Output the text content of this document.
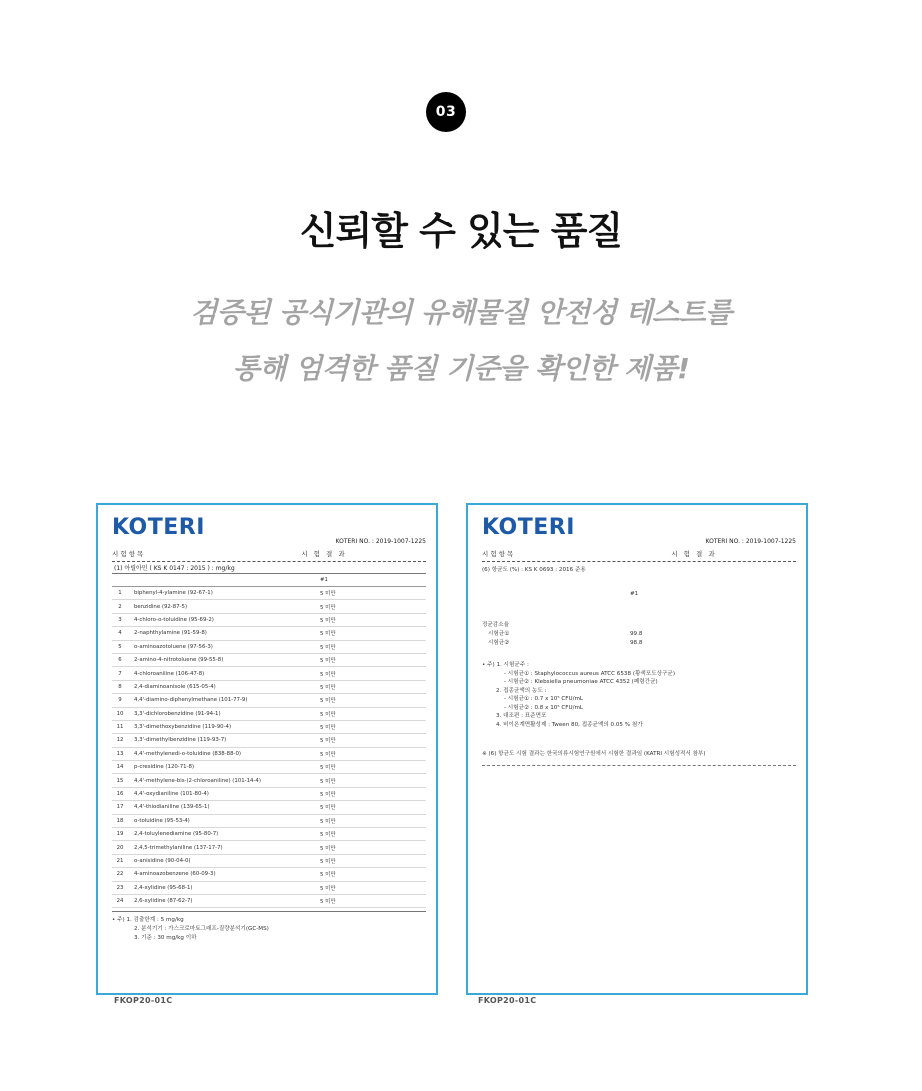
03
신뢰할 수 있는 품질
검증된 공식기관의 유해물질 안전성 테스트를
통해 엄격한 품질 기준을 확인한 제품!
KOTERI
KOTERI NO. : 2019-1007-1225
시 험 항 목	시 험 결 과
(1) 아릴아민 ( KS K 0147 : 2015 ) : mg/kg
#1
1	biphenyl-4-ylamine (92-67-1)	5 미만
2	benzidine (92-87-5)	5 미만
3	4-chloro-o-toluidine (95-69-2)	5 미만
4	2-naphthylamine (91-59-8)	5 미만
5	o-aminoazotoluene (97-56-3)	5 미만
6	2-amino-4-nitrotoluene (99-55-8)	5 미만
7	4-chloroaniline (106-47-8)	5 미만
8	2,4-diaminoanisole (615-05-4)	5 미만
9	4,4'-diamino-diphenylmethane (101-77-9)	5 미만
10	3,3'-dichlorobenzidine (91-94-1)	5 미만
11	3,3'-dimethoxybenzidine (119-90-4)	5 미만
12	3,3'-dimethylbenzidine (119-93-7)	5 미만
13	4,4'-methylenedi-o-toluidine (838-88-0)	5 미만
14	p-cresidine (120-71-8)	5 미만
15	4,4'-methylene-bis-(2-chloroaniline) (101-14-4)	5 미만
16	4,4'-oxydianiline (101-80-4)	5 미만
17	4,4'-thiodianiline (139-65-1)	5 미만
18	o-toluidine (95-53-4)	5 미만
19	2,4-toluylenediamine (95-80-7)	5 미만
20	2,4,5-trimethylaniline (137-17-7)	5 미만
21	o-anisidine (90-04-0)	5 미만
22	4-aminoazobenzene (60-09-3)	5 미만
23	2,4-xylidine (95-68-1)	5 미만
24	2,6-xylidine (87-62-7)	5 미만
• 주) 1. 검출한계 : 5 mg/kg
2. 분석기기 : 가스크로마토그래프-질량분석기(GC-MS)
3. 기준 : 30 mg/kg 이하
FKOP20-01C
KOTERI
KOTERI NO. : 2019-1007-1225
시 험 항 목	시 험 결 과
(6) 항균도 (%) : KS K 0693 : 2016 준용
#1
정균감소율
시험균①	99.8
시험균②	98.8
• 주) 1. 시험균주 :
- 시험균① : Staphylococcus aureus ATCC 6538 (황색포도상구균)
- 시험균② : Klebsiella pneumoniae ATCC 4352 (폐렴간균)
2. 접종균액의 농도 :
- 시험균① : 0.7 x 10⁵ CFU/mL
- 시험균② : 0.8 x 10⁵ CFU/mL
3. 대조편 : 표준면포
4. 비이온계면활성제 : Tween 80, 접종균액의 0.05 % 첨가
※ (6) 항균도 시험 결과는 한국의류시험연구원에서 시험한 결과임 (KATRI 시험성적서 참부)
FKOP20-01C
